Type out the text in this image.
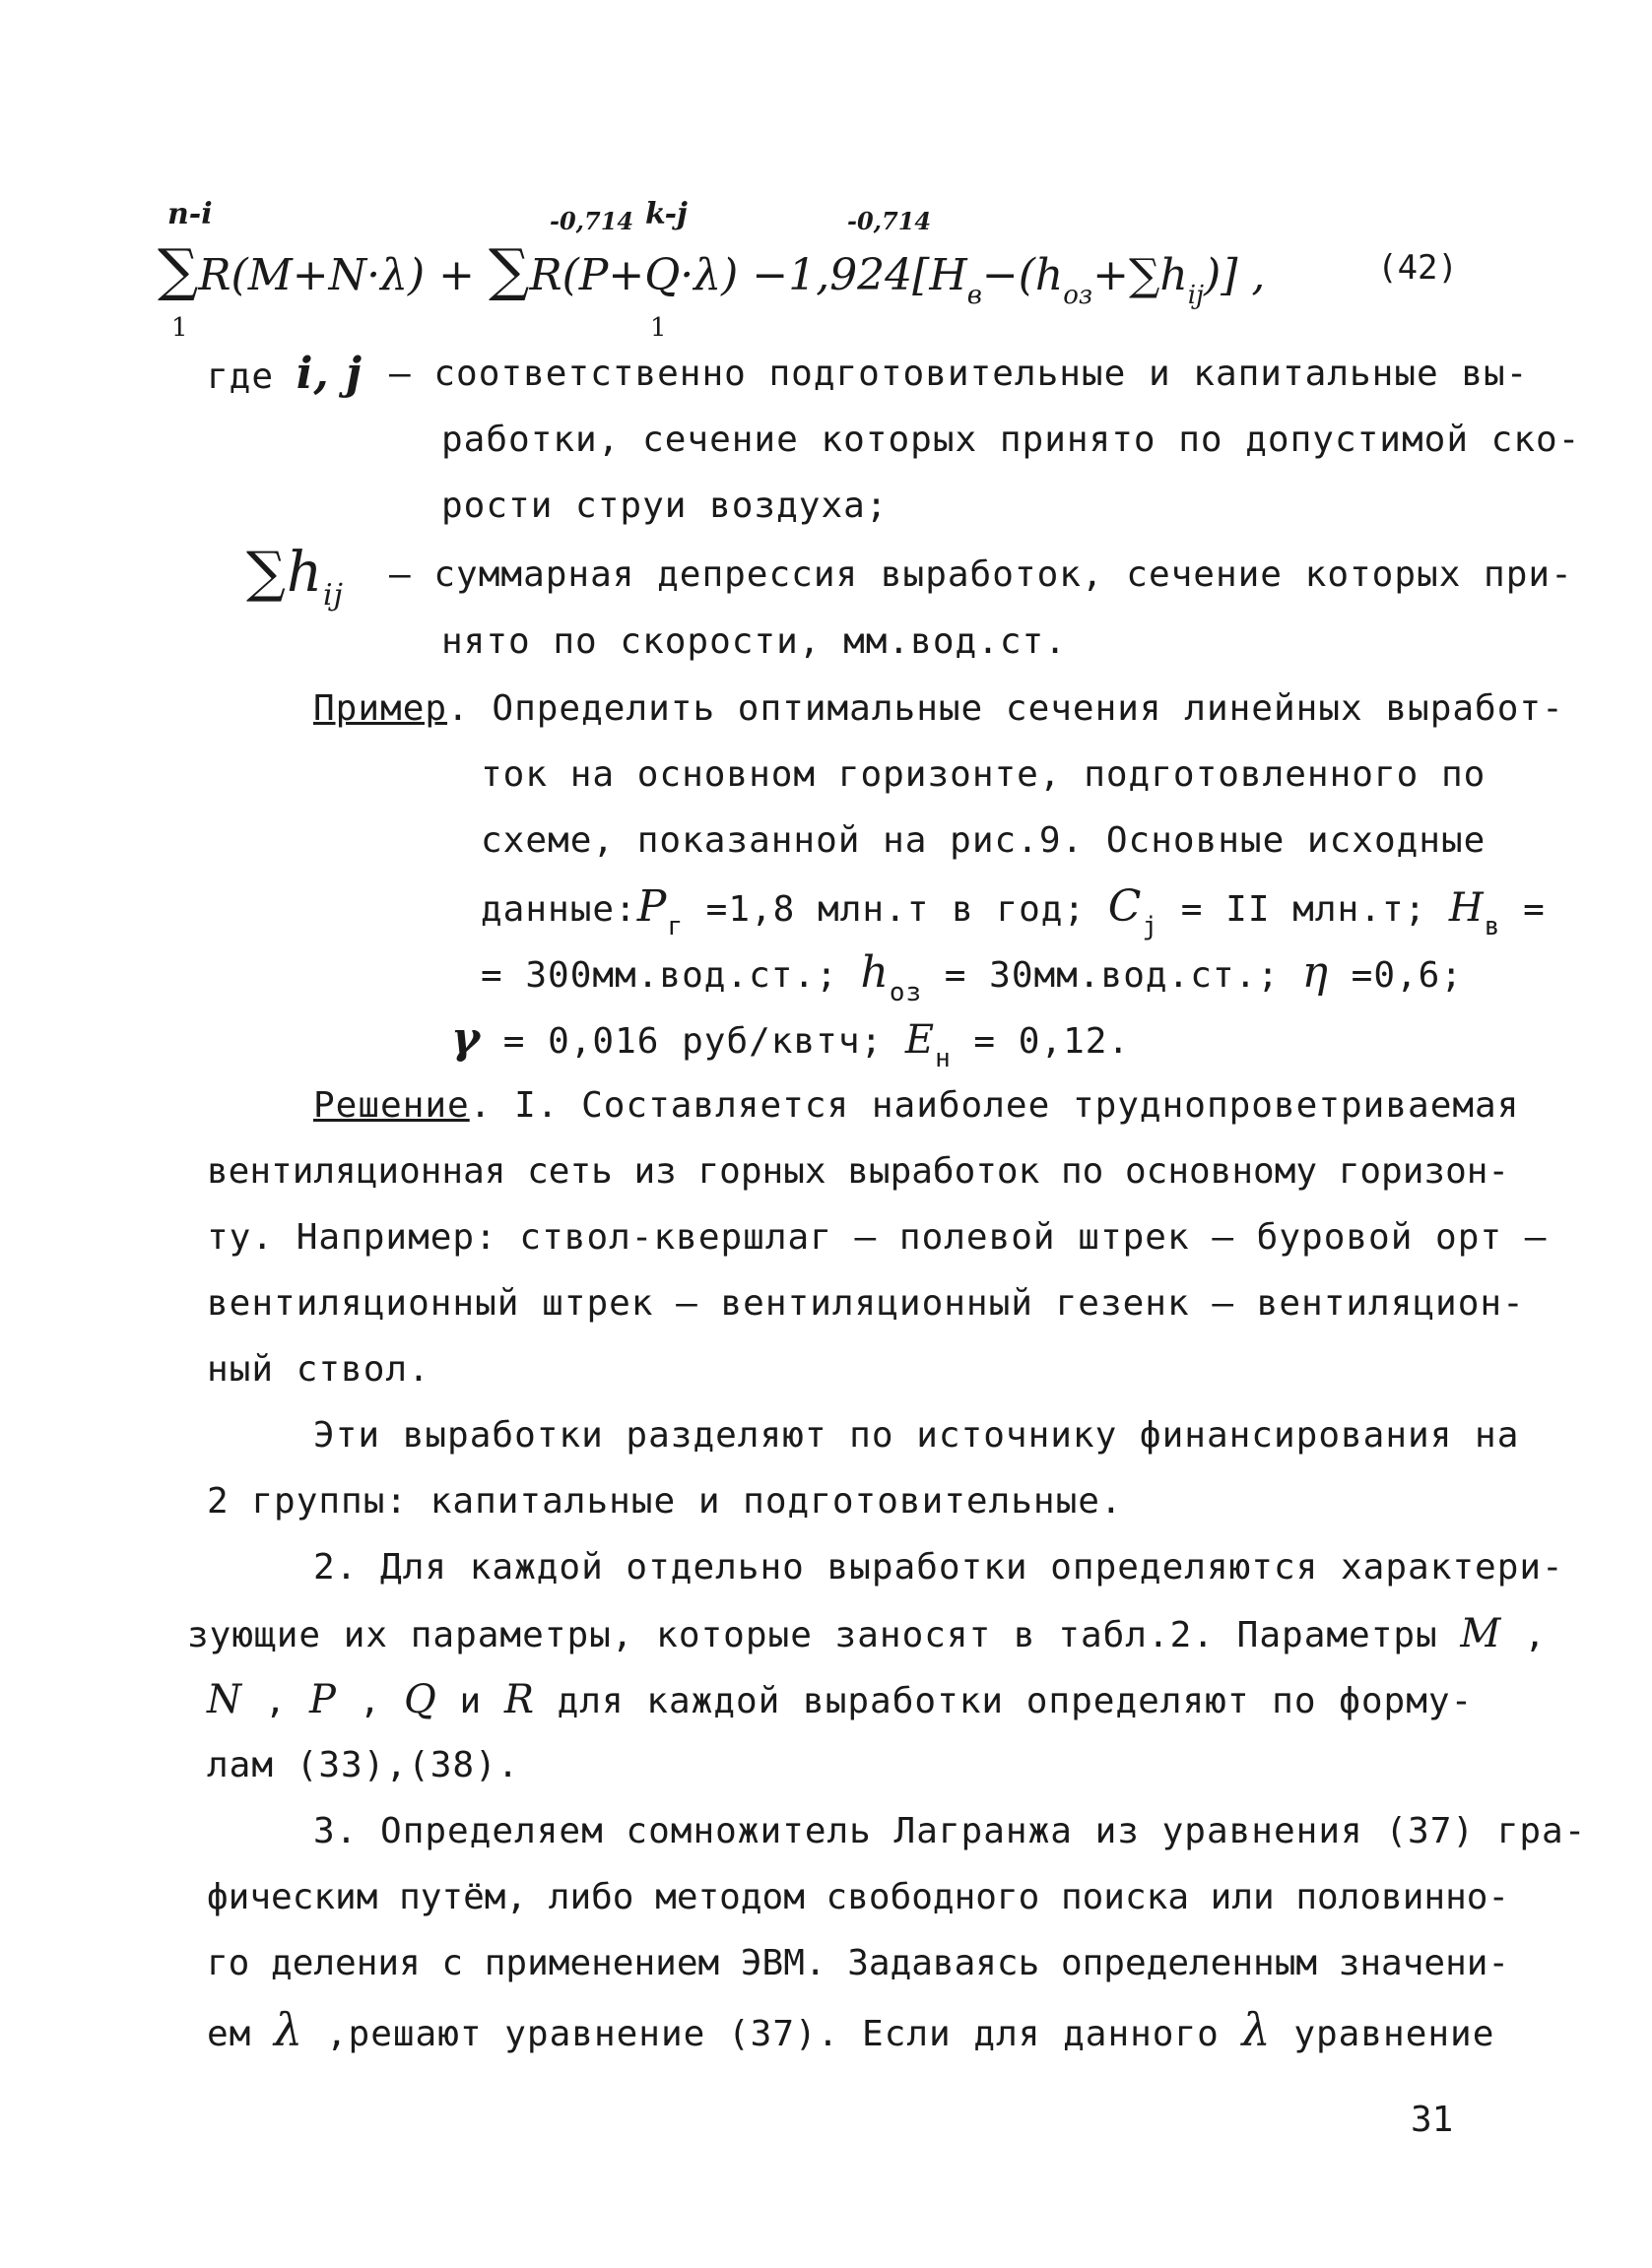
n-i	-0,714 k-j	-0,714
$\sum R(M+N\cdot\lambda) + \sum R(P+Q\cdot\lambda) -1,924[H_в-(h_{оз}+\sum h_{ij})]$ ,
1	1
(42)
где i, j – соответственно подготовительные и капитальные вы-
работки, сечение которых принято по допустимой ско-
рости струи воздуха;
$\sum h_{ij}$
– суммарная депрессия выработок, сечение которых при-
нято по скорости, мм.вод.ст.
Пример. Определить оптимальные сечения линейных выработ-
ток на основном горизонте, подготовленного по
схеме, показанной на рис.9. Основные исходные
$данные:P_г =1,8$ млн.т в год; $C_j$ = II млн.т; $H_в$ =
= 300мм.вод.ст.; $h_{оз} = 30мм.вод.ст$.; η =0,6;
γ = 0,016 руб/квтч; $E_н = 0,12$.
Решение. I. Составляется наиболее труднопроветриваемая
вентиляционная сеть из горных выработок по основному горизон-
ту. Например: ствол-квершлаг – полевой штрек – буровой орт –
вентиляционный штрек – вентиляционный гезенк – вентиляцион-
ный ствол.
Эти выработки разделяют по источнику финансирования на
2 группы: капитальные и подготовительные.
2. Для каждой отдельно выработки определяются характери-
зующие их параметры, которые заносят в табл.2. Параметры M ,
N , P , Q и R для каждой выработки определяют по форму-
лам (33),(38).
3. Определяем сомножитель Лагранжа из уравнения (37) гра-
фическим путём, либо методом свободного поиска или половинно-
го деления с применением ЭВМ. Задаваясь определенным значени-
ем λ ,решают уравнение (37). Если для данного λ уравнение
31
